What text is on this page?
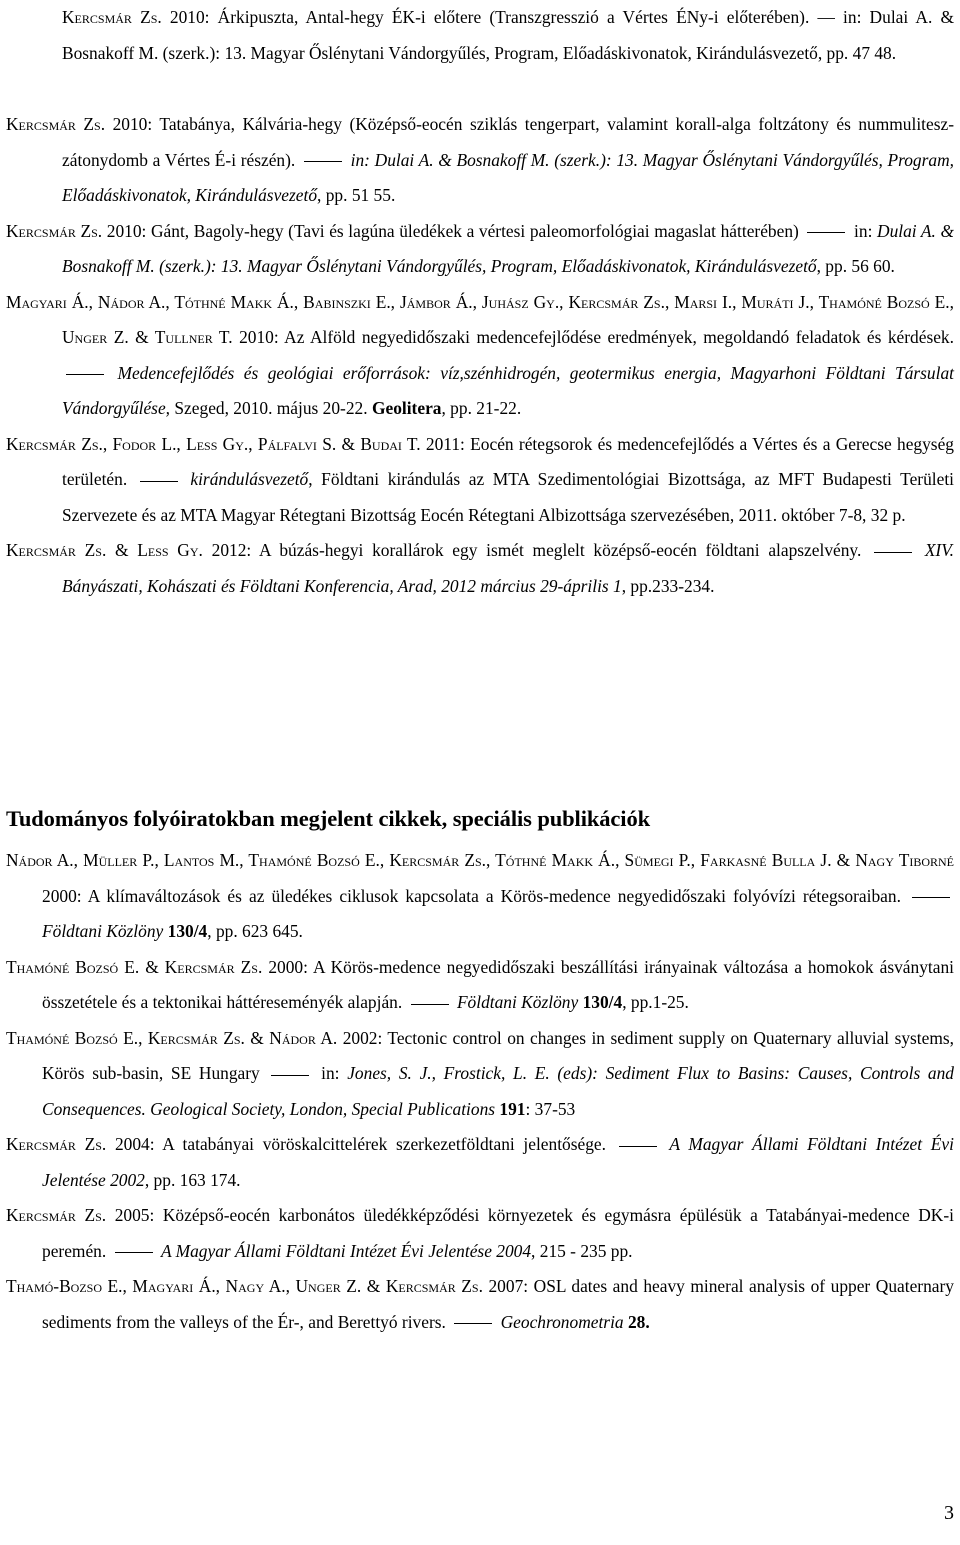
Kercsmár Zs. 2010: Árkipuszta, Antal-hegy ÉK-i előtere (Transzgresszió a Vértes ÉNy-i előterében). — in: Dulai A. & Bosnakoff M. (szerk.): 13. Magyar Őslénytani Vándorgyűlés, Program, Előadáskivonatok, Kirándulásvezető, pp. 47 48.

Kercsmár Zs. 2010: Tatabánya, Kálvária-hegy (Középső-eocén sziklás tengerpart, valamint korall-alga foltzátony és nummulitesz-zátonydomb a Vértes É-i részén).	in: Dulai A. & Bosnakoff M. (szerk.): 13. Magyar Őslénytani Vándorgyűlés, Program, Előadáskivonatok, Kirándulásvezető, pp. 51 55.

Kercsmár Zs. 2010: Gánt, Bagoly-hegy (Tavi és lagúna üledékek a vértesi paleomorfológiai magaslat hátterében)	in: Dulai A. & Bosnakoff M. (szerk.): 13. Magyar Őslénytani Vándorgyűlés, Program, Előadáskivonatok, Kirándulásvezető, pp. 56 60.

Magyari Á., Nádor A., Tóthné Makk Á., Babinszki E., Jámbor Á., Juhász Gy., Kercsmár Zs., Marsi I., Muráti J., Thamóné Bozsó E., Unger Z. & Tullner T. 2010: Az Alföld negyedidőszaki medencefejlődése eredmények, megoldandó feladatok és kérdések.  Medencefejlődés és geológiai erőforrások: víz,szénhidrogén, geotermikus energia, Magyarhoni Földtani Társulat Vándorgyűlése, Szeged, 2010. május 20-22. Geolitera, pp. 21-22.

Kercsmár Zs., Fodor L., Less Gy., Pálfalvi S. & Budai T. 2011: Eocén rétegsorok és medencefejlődés a Vértes és a Gerecse hegység területén.	kirándulásvezető, Földtani kirándulás az MTA Szedimentológiai Bizottsága, az MFT Budapesti Területi Szervezete és az MTA Magyar Rétegtani Bizottság Eocén Rétegtani Albizottsága szervezésében, 2011. október 7-8, 32 p.

Kercsmár Zs. & Less Gy. 2012: A búzás-hegyi korallárok egy ismét meglelt középső-eocén földtani alapszelvény.	XIV. Bányászati, Kohászati és Földtani Konferencia, Arad, 2012 március 29-április 1, pp.233-234.

Tudományos folyóiratokban megjelent cikkek, speciális publikációk

Nádor A., Müller P., Lantos M., Thamóné Bozsó E., Kercsmár Zs., Tóthné Makk Á., Sümegi P., Farkasné Bulla J. & Nagy Tiborné 2000: A klímaváltozások és az üledékes ciklusok kapcsolata a Körös-medence negyedidőszaki folyóvízi rétegsoraiban.  Földtani Közlöny 130/4, pp. 623 645.

Thamóné Bozsó E. & Kercsmár Zs. 2000: A Körös-medence negyedidőszaki beszállítási irányainak változása a homokok ásványtani összetétele és a tektonikai háttéreseményék alapján.	Földtani Közlöny 130/4, pp.1-25.

Thamóné Bozsó E., Kercsmár Zs. & Nádor A. 2002: Tectonic control on changes in sediment supply on Quaternary alluvial systems, Körös sub-basin, SE Hungary	in: Jones, S. J., Frostick, L. E. (eds): Sediment Flux to Basins: Causes, Controls and Consequences. Geological Society, London, Special Publications 191: 37-53

Kercsmár Zs. 2004: A tatabányai vöröskalcittelérek szerkezetföldtani jelentősége.	A Magyar Állami Földtani Intézet Évi Jelentése 2002, pp. 163 174.

Kercsmár Zs. 2005: Középső-eocén karbonátos üledékképződési környezetek és egymásra épülésük a Tatabányai-medence DK-i peremén.	A Magyar Állami Földtani Intézet Évi Jelentése 2004, 215 - 235 pp.

Thamó-Bozso E., Magyari Á., Nagy A., Unger Z. & Kercsmár Zs. 2007: OSL dates and heavy mineral analysis of upper Quaternary sediments from the valleys of the Ér-, and Berettyó rivers.	Geochronometria 28.

3
